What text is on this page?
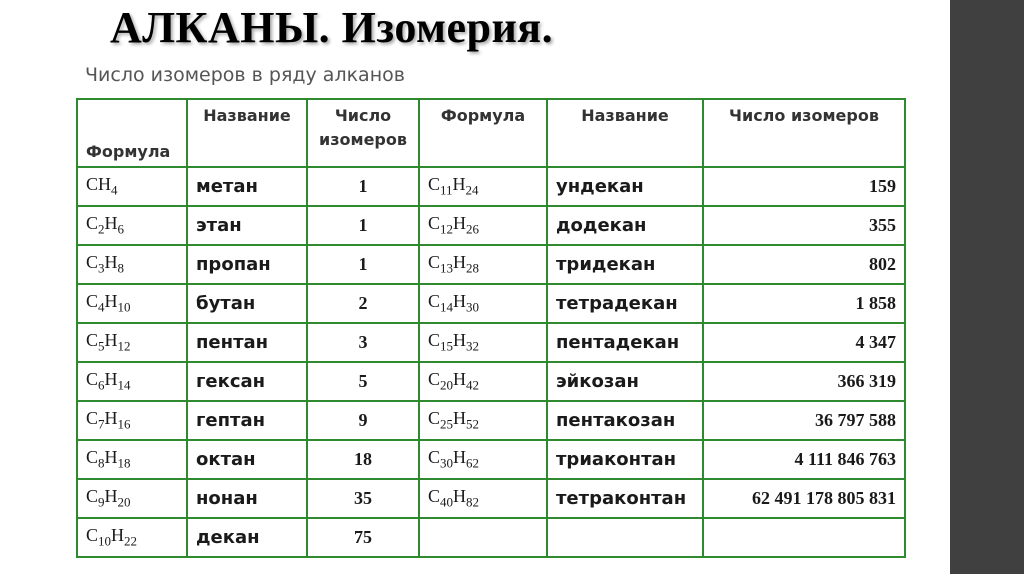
АЛКАНЫ. Изомерия.
Число изомеров в ряду алканов
Формула	Название	Число изомеров	Формула	Название	Число изомеров
$CH_4$	метан	1	$C_{11}H_{24}$	ундекан	159
$C_2H_6$	этан	1	$C_{12}H_{26}$	додекан	355
$C_3H_8$	пропан	1	$C_{13}H_{28}$	тридекан	802
$C_4H_{10}$	бутан	2	$C_{14}H_{30}$	тетрадекан	1 858
$C_5H_{12}$	пентан	3	$C_{15}H_{32}$	пентадекан	4 347
$C_6H_{14}$	гексан	5	$C_{20}H_{42}$	эйкозан	366 319
$C_7H_{16}$	гептан	9	$C_{25}H_{52}$	пентакозан	36 797 588
$C_8H_{18}$	октан	18	$C_{30}H_{62}$	триаконтан	4 111 846 763
$C_9H_{20}$	нонан	35	$C_{40}H_{82}$	тетраконтан	62 491 178 805 831
$C_{10}H_{22}$	декан	75			
